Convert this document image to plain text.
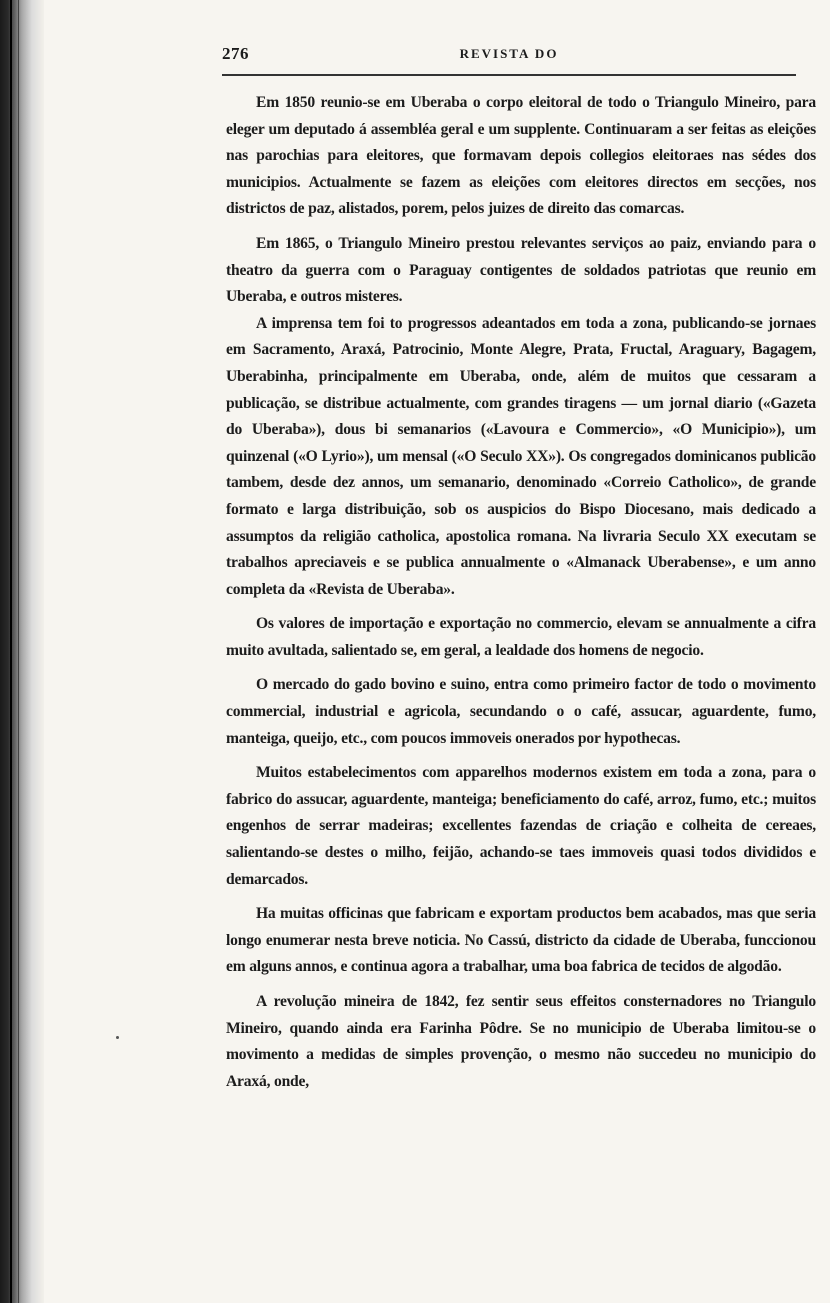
276	REVISTA DO

Em 1850 reunio-se em Uberaba o corpo eleitoral de todo o Triangulo Mineiro, para eleger um deputado á assembléa geral e um supplente. Continuaram a ser feitas as eleições nas parochias para eleitores, que formavam depois collegios eleitoraes nas sédes dos municipios. Actualmente se fazem as eleições com eleitores directos em secções, nos districtos de paz, alistados, porem, pelos juizes de direito das comarcas.

Em 1865, o Triangulo Mineiro prestou relevantes serviços ao paiz, enviando para o theatro da guerra com o Paraguay contigentes de soldados patriotas que reunio em Uberaba, e outros misteres.

A imprensa tem foi to progressos adeantados em toda a zona, publicando-se jornaes em Sacramento, Araxá, Patrocinio, Monte Alegre, Prata, Fructal, Araguary, Bagagem, Uberabinha, principalmente em Uberaba, onde, além de muitos que cessaram a publicação, se distribue actualmente, com grandes tiragens — um jornal diario («Gazeta do Uberaba»), dous bi semanarios («Lavoura e Commercio», «O Municipio»), um quinzenal («O Lyrio»), um mensal («O Seculo XX»). Os congregados dominicanos publicão tambem, desde dez annos, um semanario, denominado «Correio Catholico», de grande formato e larga distribuição, sob os auspicios do Bispo Diocesano, mais dedicado a assumptos da religião catholica, apostolica romana. Na livraria Seculo XX executam se trabalhos apreciaveis e se publica annualmente o «Almanack Uberabense», e um anno completa da «Revista de Uberaba».

Os valores de importação e exportação no commercio, elevam se annualmente a cifra muito avultada, salientado se, em geral, a lealdade dos homens de negocio.

O mercado do gado bovino e suino, entra como primeiro factor de todo o movimento commercial, industrial e agricola, secundando o o café, assucar, aguardente, fumo, manteiga, queijo, etc., com poucos immoveis onerados por hypothecas.

Muitos estabelecimentos com apparelhos modernos existem em toda a zona, para o fabrico do assucar, aguardente, manteiga; beneficiamento do café, arroz, fumo, etc.; muitos engenhos de serrar madeiras; excellentes fazendas de criação e colheita de cereaes, salientando-se destes o milho, feijão, achando-se taes immoveis quasi todos divididos e demarcados.

Ha muitas officinas que fabricam e exportam productos bem acabados, mas que seria longo enumerar nesta breve noticia. No Cassú, districto da cidade de Uberaba, funccionou em alguns annos, e continua agora a trabalhar, uma boa fabrica de tecidos de algodão.

A revolução mineira de 1842, fez sentir seus effeitos consternadores no Triangulo Mineiro, quando ainda era Farinha Pôdre. Se no municipio de Uberaba limitou-se o movimento a medidas de simples provenção, o mesmo não succedeu no municipio do Araxá, onde,
